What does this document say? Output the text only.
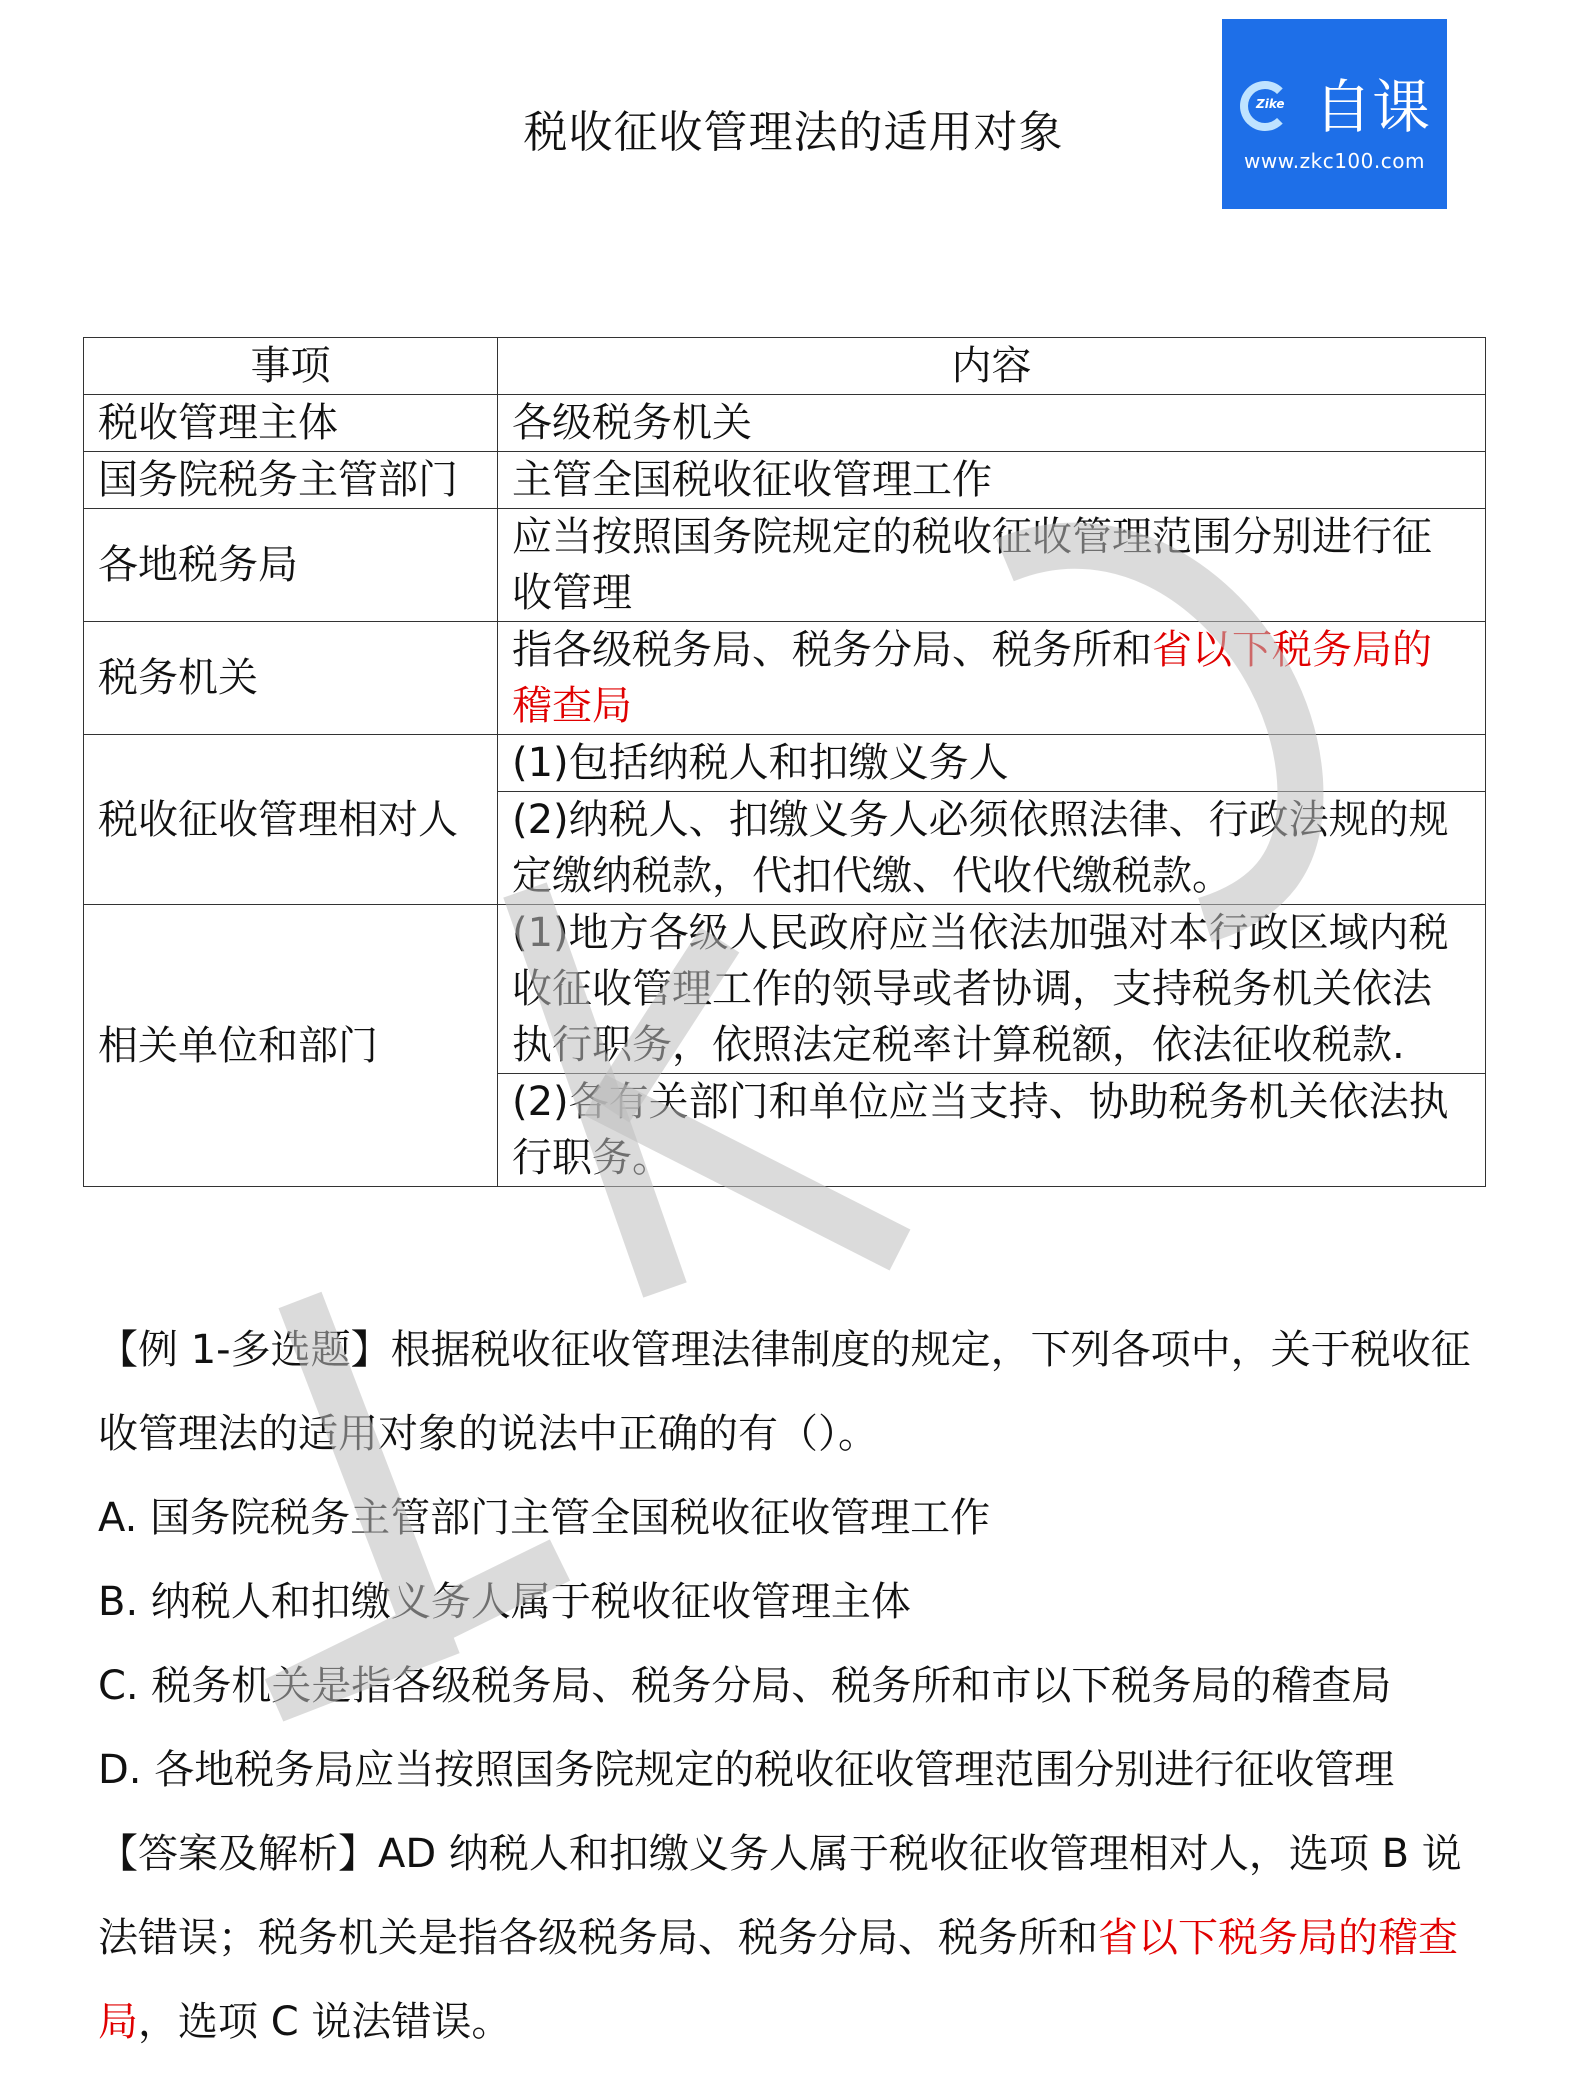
税收征收管理法的适用对象
Zike 自课
www.zkc100.com
事项	内容
税收管理主体	各级税务机关
国务院税务主管部门	主管全国税收征收管理工作
各地税务局	应当按照国务院规定的税收征收管理范围分别进行征收管理
税务机关	指各级税务局、税务分局、税务所和省以下税务局的稽查局
税收征收管理相对人	(1)包括纳税人和扣缴义务人
	(2)纳税人、扣缴义务人必须依照法律、行政法规的规定缴纳税款，代扣代缴、代收代缴税款。
相关单位和部门	(1)地方各级人民政府应当依法加强对本行政区域内税收征收管理工作的领导或者协调，支持税务机关依法执行职务，依照法定税率计算税额，依法征收税款.
	(2)各有关部门和单位应当支持、协助税务机关依法执行职务。

【例 1-多选题】根据税收征收管理法律制度的规定，下列各项中，关于税收征收管理法的适用对象的说法中正确的有（）。

A. 国务院税务主管部门主管全国税收征收管理工作

B. 纳税人和扣缴义务人属于税收征收管理主体

C. 税务机关是指各级税务局、税务分局、税务所和市以下税务局的稽查局

D. 各地税务局应当按照国务院规定的税收征收管理范围分别进行征收管理

【答案及解析】AD 纳税人和扣缴义务人属于税收征收管理相对人，选项 B 说法错误；税务机关是指各级税务局、税务分局、税务所和省以下税务局的稽查局，选项 C 说法错误。
